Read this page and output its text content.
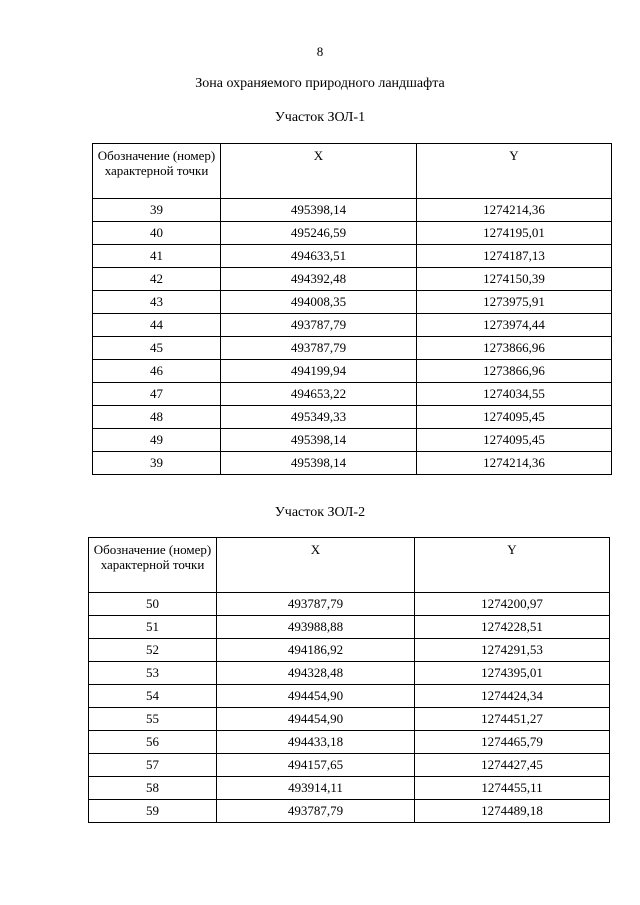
8
Зона охраняемого природного ландшафта
Участок ЗОЛ-1
Обозначение (номер) характерной точки	X	Y
39	495398,14	1274214,36
40	495246,59	1274195,01
41	494633,51	1274187,13
42	494392,48	1274150,39
43	494008,35	1273975,91
44	493787,79	1273974,44
45	493787,79	1273866,96
46	494199,94	1273866,96
47	494653,22	1274034,55
48	495349,33	1274095,45
49	495398,14	1274095,45
39	495398,14	1274214,36
Участок ЗОЛ-2
Обозначение (номер) характерной точки	X	Y
50	493787,79	1274200,97
51	493988,88	1274228,51
52	494186,92	1274291,53
53	494328,48	1274395,01
54	494454,90	1274424,34
55	494454,90	1274451,27
56	494433,18	1274465,79
57	494157,65	1274427,45
58	493914,11	1274455,11
59	493787,79	1274489,18
